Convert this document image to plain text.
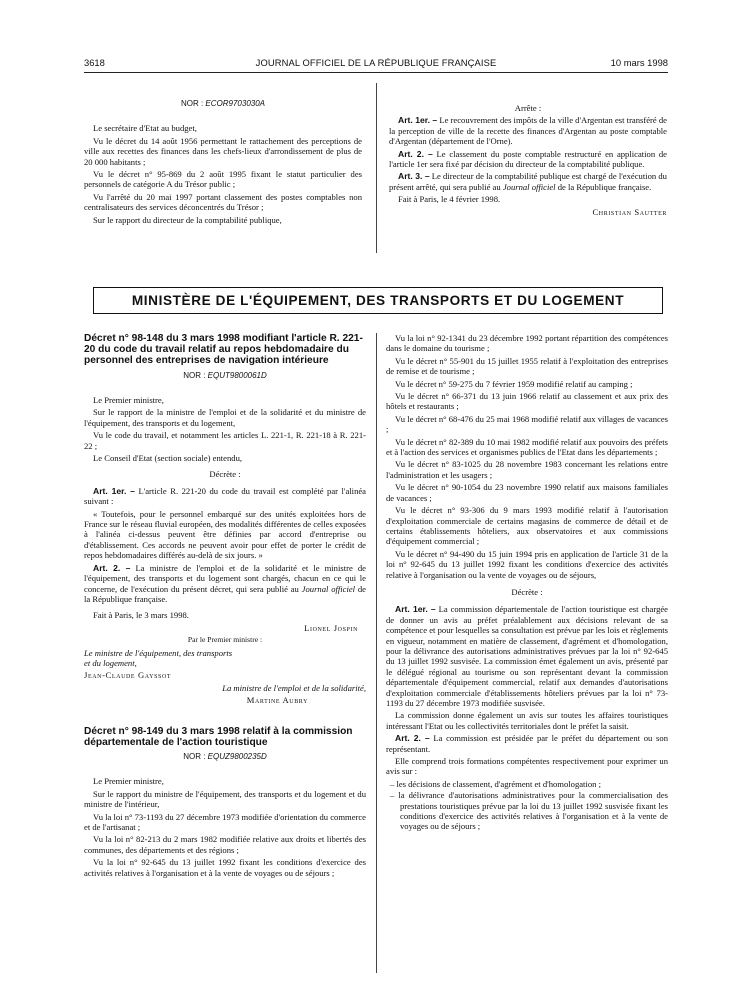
3618	JOURNAL OFFICIEL DE LA RÉPUBLIQUE FRANÇAISE	10 mars 1998
NOR : ECOR9703030A

Le secrétaire d'Etat au budget,

Vu le décret du 14 août 1956 permettant le rattachement des perceptions de ville aux recettes des finances dans les chefs-lieux d'arrondissement de plus de 20 000 habitants ;

Vu le décret n° 95-869 du 2 août 1995 fixant le statut particulier des personnels de catégorie A du Trésor public ;

Vu l'arrêté du 20 mai 1997 portant classement des postes comptables non centralisateurs des services déconcentrés du Trésor ;

Sur le rapport du directeur de la comptabilité publique,

Arrête :

Art. 1er. – Le recouvrement des impôts de la ville d'Argentan est transféré de la perception de ville de la recette des finances d'Argentan au poste comptable d'Argentan (département de l'Orne).

Art. 2. – Le classement du poste comptable restructuré en application de l'article 1er sera fixé par décision du directeur de la comptabilité publique.

Art. 3. – Le directeur de la comptabilité publique est chargé de l'exécution du présent arrêté, qui sera publié au Journal officiel de la République française.

Fait à Paris, le 4 février 1998.

Christian Sautter

MINISTÈRE DE L'ÉQUIPEMENT, DES TRANSPORTS ET DU LOGEMENT
Décret n° 98-148 du 3 mars 1998 modifiant l'article R. 221-20 du code du travail relatif au repos hebdomadaire du personnel des entreprises de navigation intérieure
NOR : EQUT9800061D

Le Premier ministre,

Sur le rapport de la ministre de l'emploi et de la solidarité et du ministre de l'équipement, des transports et du logement,

Vu le code du travail, et notamment les articles L. 221-1, R. 221-18 à R. 221-22 ;

Le Conseil d'Etat (section sociale) entendu,

Décrète :

Art. 1er. – L'article R. 221-20 du code du travail est complété par l'alinéa suivant :

« Toutefois, pour le personnel embarqué sur des unités exploitées hors de France sur le réseau fluvial européen, des modalités différentes de celles exposées à l'alinéa ci-dessus peuvent être définies par accord d'entreprise ou d'établissement. Ces accords ne peuvent avoir pour effet de porter le crédit de repos hebdomadaires différés au-delà de six jours. »

Art. 2. – La ministre de l'emploi et de la solidarité et le ministre de l'équipement, des transports et du logement sont chargés, chacun en ce qui le concerne, de l'exécution du présent décret, qui sera publié au Journal officiel de la République française.

Fait à Paris, le 3 mars 1998.

Lionel Jospin

Par le Premier ministre :

Le ministre de l'équipement, des transports et du logement,

Jean-Claude Gayssot

La ministre de l'emploi et de la solidarité,

Martine Aubry

Décret n° 98-149 du 3 mars 1998 relatif à la commission départementale de l'action touristique
NOR : EQUZ9800235D

Le Premier ministre,

Sur le rapport du ministre de l'équipement, des transports et du logement et du ministre de l'intérieur,

Vu la loi n° 73-1193 du 27 décembre 1973 modifiée d'orientation du commerce et de l'artisanat ;

Vu la loi n° 82-213 du 2 mars 1982 modifiée relative aux droits et libertés des communes, des départements et des régions ;

Vu la loi n° 92-645 du 13 juillet 1992 fixant les conditions d'exercice des activités relatives à l'organisation et à la vente de voyages ou de séjours ;

Vu la loi n° 92-1341 du 23 décembre 1992 portant répartition des compétences dans le domaine du tourisme ;

Vu le décret n° 55-901 du 15 juillet 1955 relatif à l'exploitation des entreprises de remise et de tourisme ;

Vu le décret n° 59-275 du 7 février 1959 modifié relatif au camping ;

Vu le décret n° 66-371 du 13 juin 1966 relatif au classement et aux prix des hôtels et restaurants ;

Vu le décret n° 68-476 du 25 mai 1968 modifié relatif aux villages de vacances ;

Vu le décret n° 82-389 du 10 mai 1982 modifié relatif aux pouvoirs des préfets et à l'action des services et organismes publics de l'Etat dans les départements ;

Vu le décret n° 83-1025 du 28 novembre 1983 concernant les relations entre l'administration et les usagers ;

Vu le décret n° 90-1054 du 23 novembre 1990 relatif aux maisons familiales de vacances ;

Vu le décret n° 93-306 du 9 mars 1993 modifié relatif à l'autorisation d'exploitation commerciale de certains magasins de commerce de détail et de certains établissements hôteliers, aux observatoires et aux commissions d'équipement commercial ;

Vu le décret n° 94-490 du 15 juin 1994 pris en application de l'article 31 de la loi n° 92-645 du 13 juillet 1992 fixant les conditions d'exercice des activités relative à l'organisation ou la vente de voyages ou de séjours,

Décrète :

Art. 1er. – La commission départementale de l'action touristique est chargée de donner un avis au préfet préalablement aux décisions relevant de sa compétence et pour lesquelles sa consultation est prévue par les lois et règlements en vigueur, notamment en matière de classement, d'agrément et d'homologation, pour la délivrance des autorisations administratives prévues par la loi n° 92-645 du 13 juillet 1992 susvisée. La commission émet également un avis, présenté par le délégué régional au tourisme ou son représentant devant la commission départementale d'équipement commercial, relatif aux demandes d'autorisations d'exploitation commerciale d'établissements hôteliers prévues par la loi n° 73-1193 du 27 décembre 1973 modifiée susvisée.

La commission donne également un avis sur toutes les affaires touristiques intéressant l'Etat ou les collectivités territoriales dont le préfet la saisit.

Art. 2. – La commission est présidée par le préfet du département ou son représentant.

Elle comprend trois formations compétentes respectivement pour exprimer un avis sur :

– les décisions de classement, d'agrément et d'homologation ;
– la délivrance d'autorisations administratives pour la commercialisation des prestations touristiques prévue par la loi du 13 juillet 1992 susvisée fixant les conditions d'exercice des activités relatives à l'organisation et à la vente de voyages ou de séjours ;
